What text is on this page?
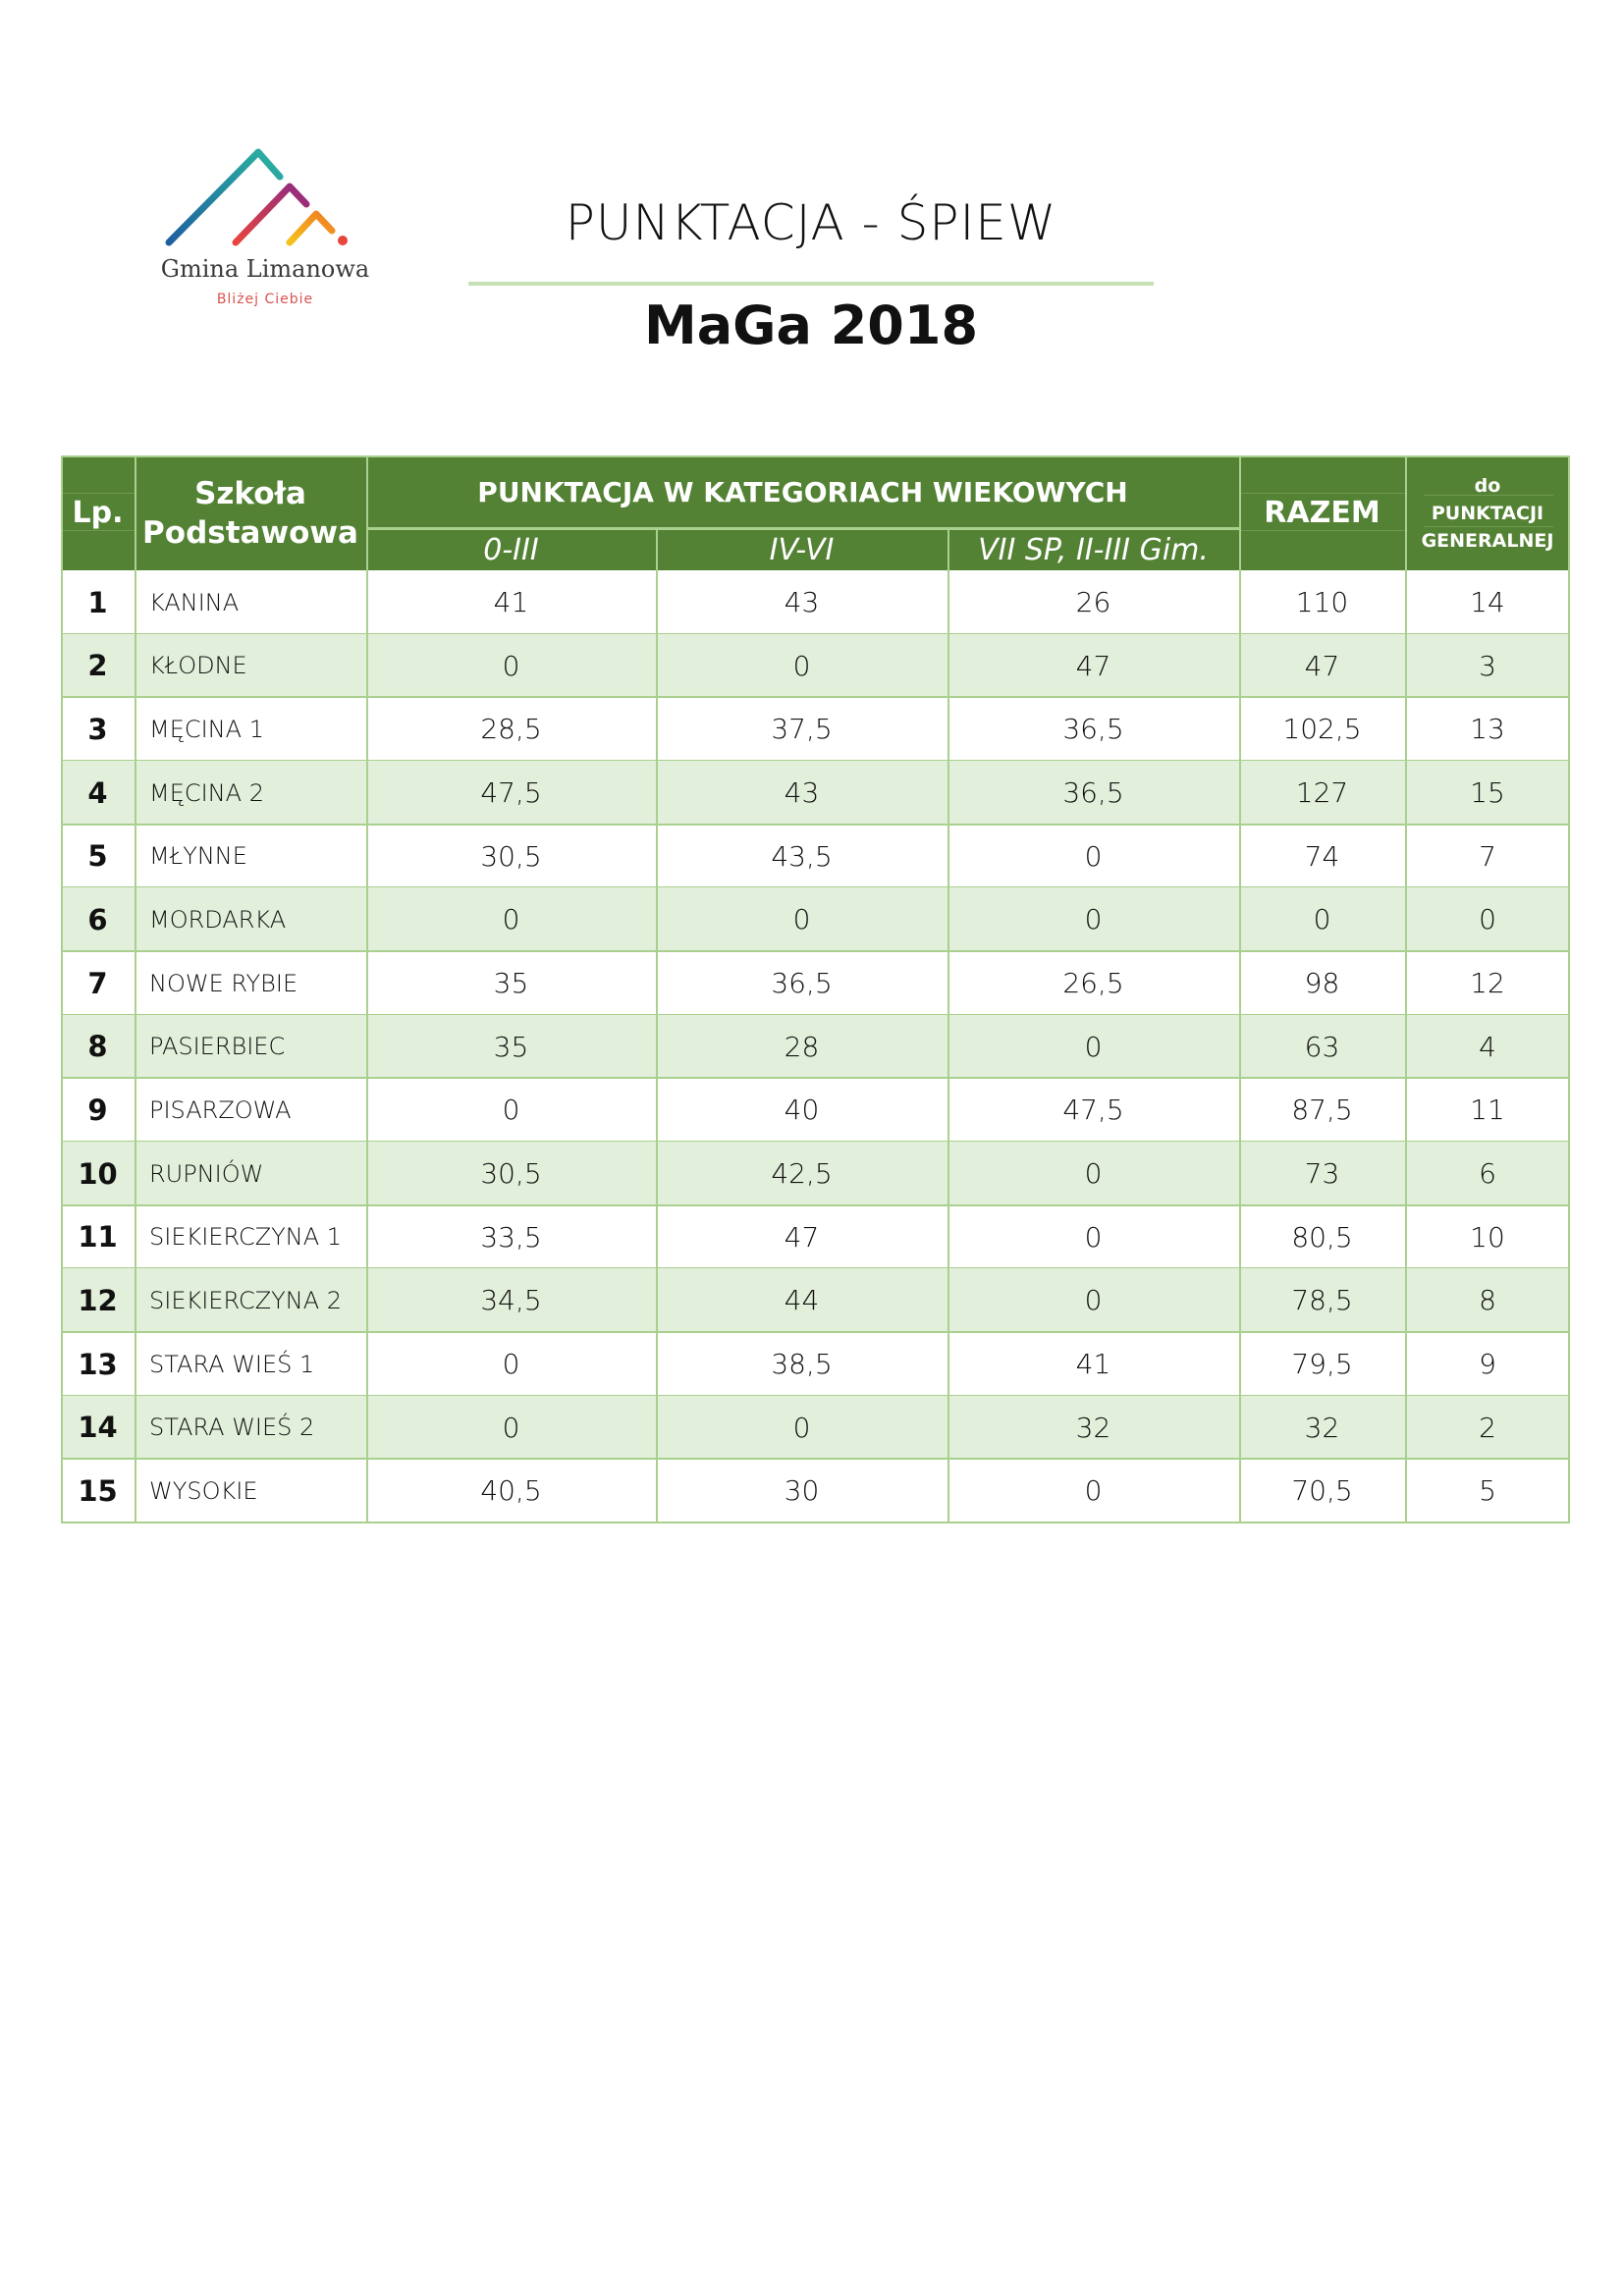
Gmina Limanowa
Bliżej Ciebie
PUNKTACJA - ŚPIEW
MaGa 2018
Lp.
Szkoła
Podstawowa
PUNKTACJA W KATEGORIACH WIEKOWYCH
0-III	IV-VI	VII SP, II-III Gim.
RAZEM
do
PUNKTACJI
GENERALNEJ
1	KANINA	41	43	26	110	14
2	KŁODNE	0	0	47	47	3
3	MĘCINA 1	28,5	37,5	36,5	102,5	13
4	MĘCINA 2	47,5	43	36,5	127	15
5	MŁYNNE	30,5	43,5	0	74	7
6	MORDARKA	0	0	0	0	0
7	NOWE RYBIE	35	36,5	26,5	98	12
8	PASIERBIEC	35	28	0	63	4
9	PISARZOWA	0	40	47,5	87,5	11
10	RUPNIÓW	30,5	42,5	0	73	6
11	SIEKIERCZYNA 1	33,5	47	0	80,5	10
12	SIEKIERCZYNA 2	34,5	44	0	78,5	8
13	STARA WIEŚ 1	0	38,5	41	79,5	9
14	STARA WIEŚ 2	0	0	32	32	2
15	WYSOKIE	40,5	30	0	70,5	5
